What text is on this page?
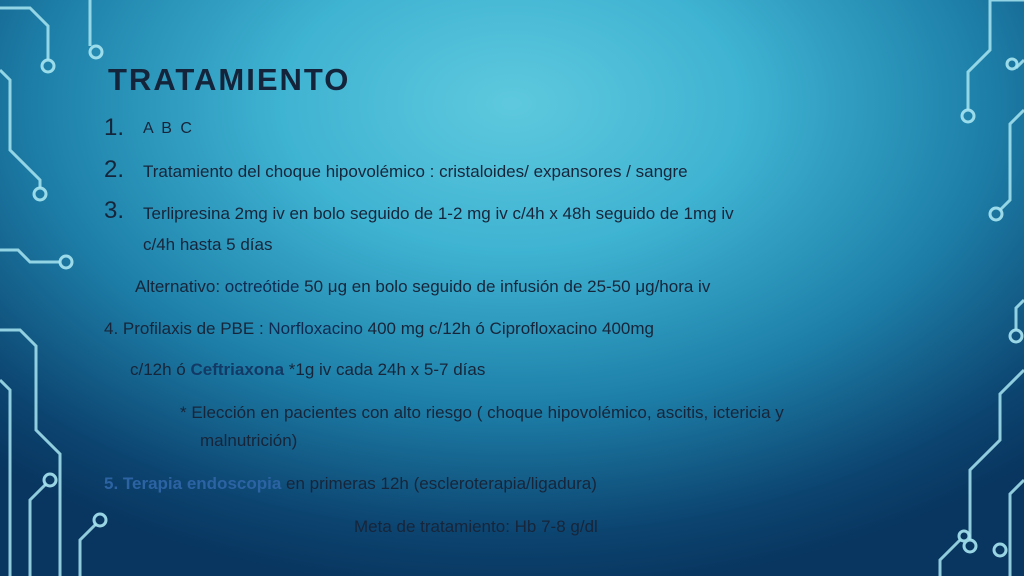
TRATAMIENTO
1. A B C
2. Tratamiento del choque hipovolémico : cristaloides/ expansores / sangre
3. Terlipresina 2mg iv en bolo seguido de 1-2 mg iv c/4h x 48h seguido de 1mg iv
c/4h hasta 5 días
Alternativo: octreótide 50 μg en bolo seguido de infusión de 25-50 μg/hora iv
4. Profilaxis de PBE : Norfloxacino 400 mg c/12h ó Ciprofloxacino 400mg
c/12h ó Ceftriaxona *1g iv cada 24h x 5-7 días
* Elección en pacientes con alto riesgo ( choque hipovolémico, ascitis, ictericia y
malnutrición)
5. Terapia endoscopia en primeras 12h (escleroterapia/ligadura)
Meta de tratamiento: Hb 7-8 g/dl
